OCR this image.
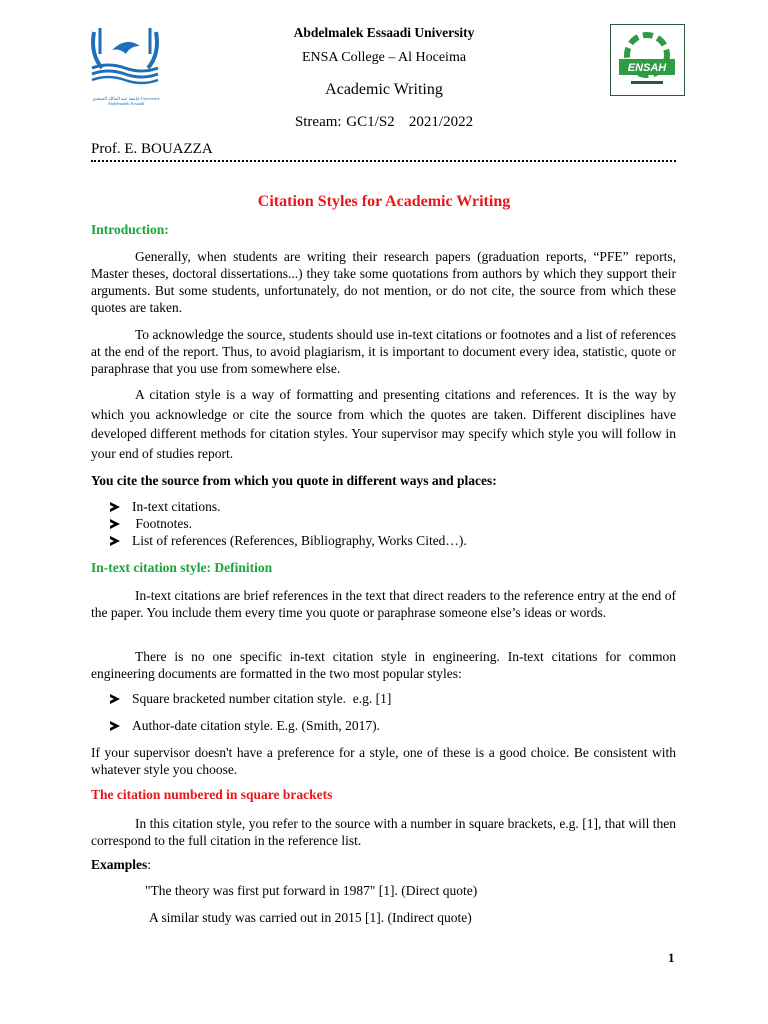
جامعة عبد المالك السعدي Université Abdelmalek Essaadi
ENSAH
Abdelmalek Essaadi University
ENSA College – Al Hoceima
Academic Writing
Stream: GC1/S2   2021/2022
Prof. E. BOUAZZA
Citation Styles for Academic Writing
Introduction:

Generally, when students are writing their research papers (graduation reports, “PFE” reports, Master theses, doctoral dissertations...) they take some quotations from authors by which they support their arguments. But some students, unfortunately, do not mention, or do not cite, the source from which these quotes are taken.

To acknowledge the source, students should use in-text citations or footnotes and a list of references at the end of the report. Thus, to avoid plagiarism, it is important to document every idea, statistic, quote or paraphrase that you use from somewhere else.

A citation style is a way of formatting and presenting citations and references. It is the way by which you acknowledge or cite the source from which the quotes are taken. Different disciplines have developed different methods for citation styles. Your supervisor may specify which style you will follow in your end of studies report.

You cite the source from which you quote in different ways and places:
In-text citations.
Footnotes.
List of references (References, Bibliography, Works Cited…).
In-text citation style: Definition

In-text citations are brief references in the text that direct readers to the reference entry at the end of the paper. You include them every time you quote or paraphrase someone else’s ideas or words.

There is no one specific in-text citation style in engineering. In-text citations for common engineering documents are formatted in the two most popular styles:

Square bracketed number citation style.  e.g. [1]
Author-date citation style. E.g. (Smith, 2017).

If your supervisor doesn't have a preference for a style, one of these is a good choice. Be consistent with whatever style you choose.

The citation numbered in square brackets

In this citation style, you refer to the source with a number in square brackets, e.g. [1], that will then correspond to the full citation in the reference list.

Examples:
"The theory was first put forward in 1987" [1]. (Direct quote)
A similar study was carried out in 2015 [1]. (Indirect quote)
1
